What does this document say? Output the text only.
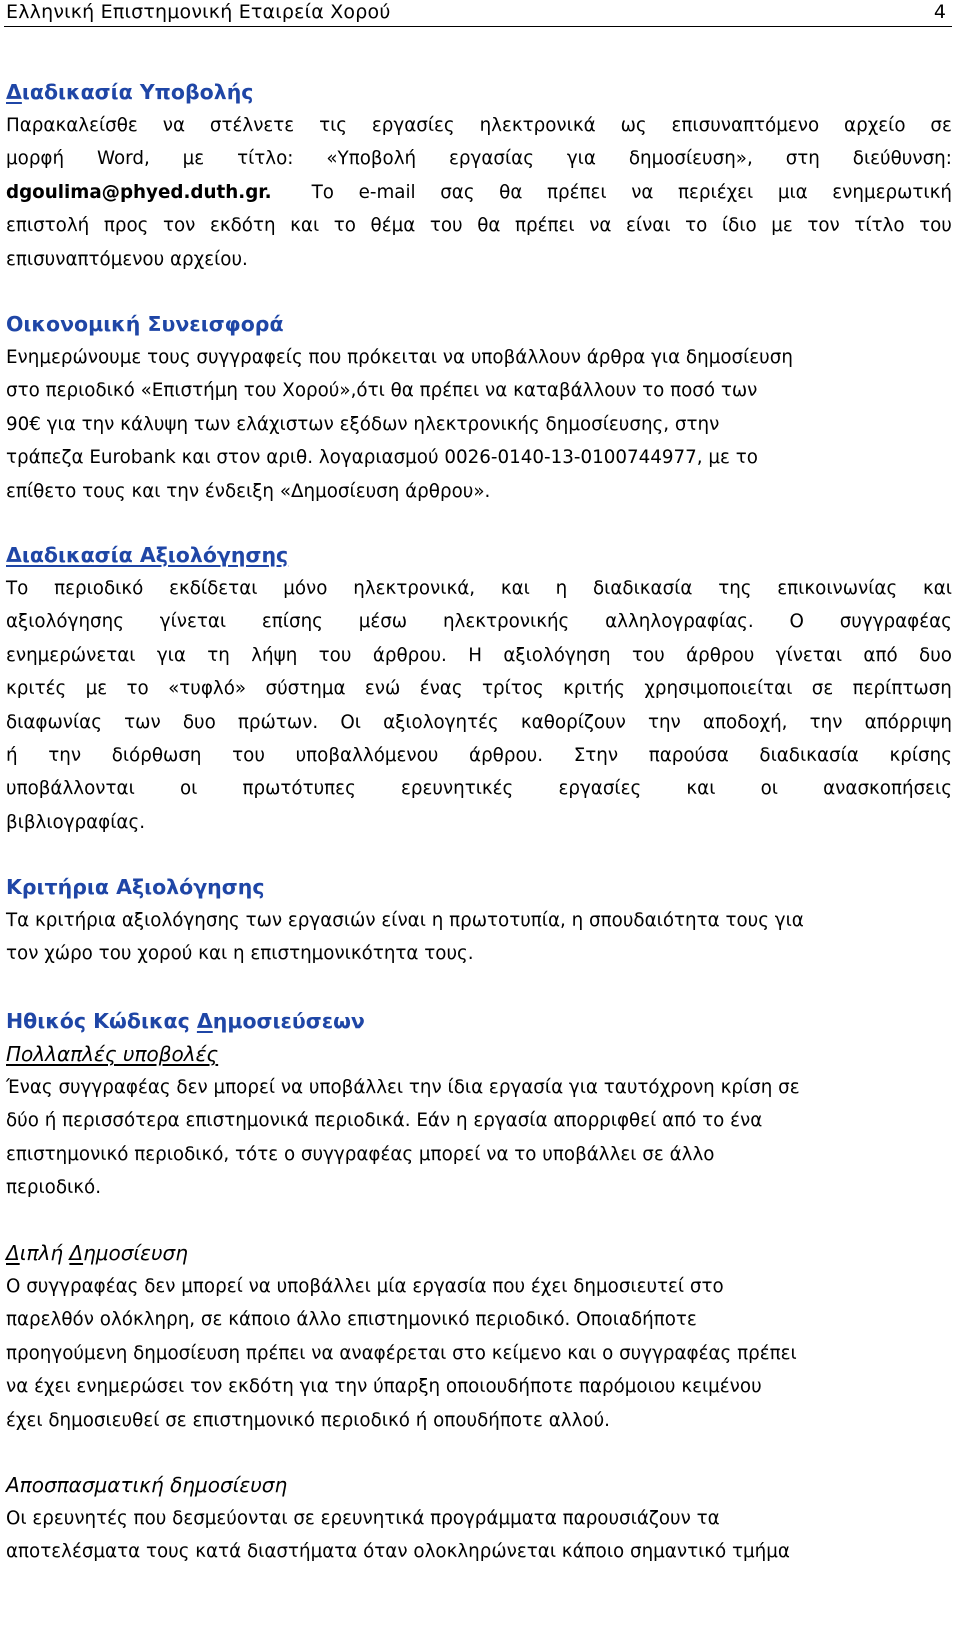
Ελληνική Επιστημονική Εταιρεία Χορού	4
Διαδικασία Υποβολής
Παρακαλείσθε να στέλνετε τις εργασίες ηλεκτρονικά ως επισυναπτόμενο αρχείο σε
μορφή Word, με τίτλο: «Υποβολή εργασίας για δημοσίευση», στη διεύθυνση:
dgoulima@phyed.duth.gr. Το e-mail σας θα πρέπει να περιέχει μια ενημερωτική
επιστολή προς τον εκδότη και το θέμα του θα πρέπει να είναι το ίδιο με τον τίτλο του
επισυναπτόμενου αρχείου.
Οικονομική Συνεισφορά
Ενημερώνουμε τους συγγραφείς που πρόκειται να υποβάλλουν άρθρα για δημοσίευση
στο περιοδικό «Επιστήμη του Χορού»,ότι θα πρέπει να καταβάλλουν το ποσό των
90€ για την κάλυψη των ελάχιστων εξόδων ηλεκτρονικής δημοσίευσης, στην
τράπεζα Eurobank και στον αριθ. λογαριασμού 0026-0140-13-0100744977, με το
επίθετο τους και την ένδειξη «Δημοσίευση άρθρου».
Διαδικασία Αξιολόγησης
Το περιοδικό εκδίδεται μόνο ηλεκτρονικά, και η διαδικασία της επικοινωνίας και
αξιολόγησης γίνεται επίσης μέσω ηλεκτρονικής αλληλογραφίας. Ο συγγραφέας
ενημερώνεται για τη λήψη του άρθρου. Η αξιολόγηση του άρθρου γίνεται από δυο
κριτές με το «τυφλό» σύστημα ενώ ένας τρίτος κριτής χρησιμοποιείται σε περίπτωση
διαφωνίας των δυο πρώτων. Οι αξιολογητές καθορίζουν την αποδοχή, την απόρριψη
ή την διόρθωση του υποβαλλόμενου άρθρου. Στην παρούσα διαδικασία κρίσης
υποβάλλονται οι πρωτότυπες ερευνητικές εργασίες και οι ανασκοπήσεις
βιβλιογραφίας.
Κριτήρια Αξιολόγησης
Τα κριτήρια αξιολόγησης των εργασιών είναι η πρωτοτυπία, η σπουδαιότητα τους για
τον χώρο του χορού και η επιστημονικότητα τους.
Ηθικός Κώδικας Δημοσιεύσεων
Πολλαπλές υποβολές
Ένας συγγραφέας δεν μπορεί να υποβάλλει την ίδια εργασία για ταυτόχρονη κρίση σε
δύο ή περισσότερα επιστημονικά περιοδικά. Εάν η εργασία απορριφθεί από το ένα
επιστημονικό περιοδικό, τότε ο συγγραφέας μπορεί να το υποβάλλει σε άλλο
περιοδικό.
Διπλή Δημοσίευση
Ο συγγραφέας δεν μπορεί να υποβάλλει μία εργασία που έχει δημοσιευτεί στο
παρελθόν ολόκληρη, σε κάποιο άλλο επιστημονικό περιοδικό. Οποιαδήποτε
προηγούμενη δημοσίευση πρέπει να αναφέρεται στο κείμενο και ο συγγραφέας πρέπει
να έχει ενημερώσει τον εκδότη για την ύπαρξη οποιουδήποτε παρόμοιου κειμένου
έχει δημοσιευθεί σε επιστημονικό περιοδικό ή οπουδήποτε αλλού.
Αποσπασματική δημοσίευση
Οι ερευνητές που δεσμεύονται σε ερευνητικά προγράμματα παρουσιάζουν τα
αποτελέσματα τους κατά διαστήματα όταν ολοκληρώνεται κάποιο σημαντικό τμήμα
